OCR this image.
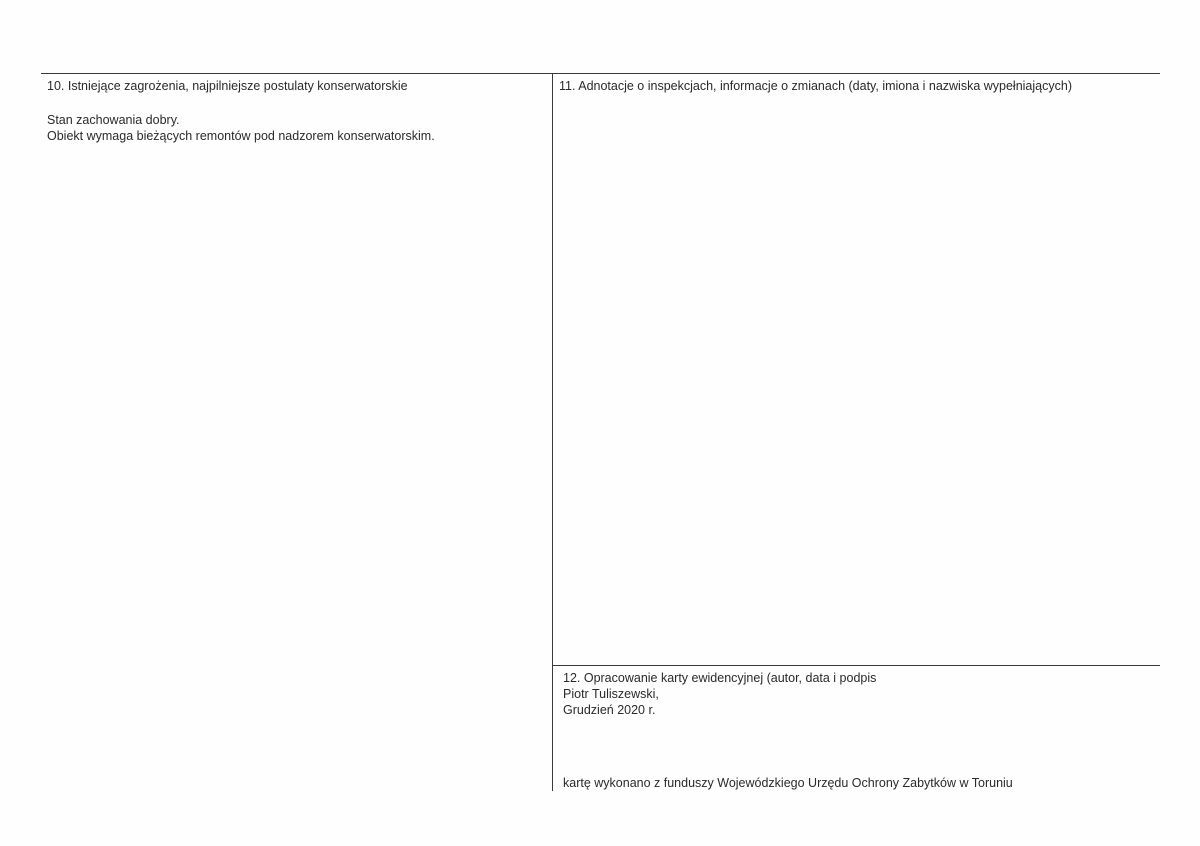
10. Istniejące zagrożenia, najpilniejsze postulaty konserwatorskie
Stan zachowania dobry.
Obiekt wymaga bieżących remontów pod nadzorem konserwatorskim.
11. Adnotacje o inspekcjach, informacje o zmianach (daty, imiona i nazwiska wypełniających)
12. Opracowanie karty ewidencyjnej (autor, data i podpis
Piotr Tuliszewski,
Grudzień 2020 r.
kartę wykonano z funduszy Wojewódzkiego Urzędu Ochrony Zabytków w Toruniu
